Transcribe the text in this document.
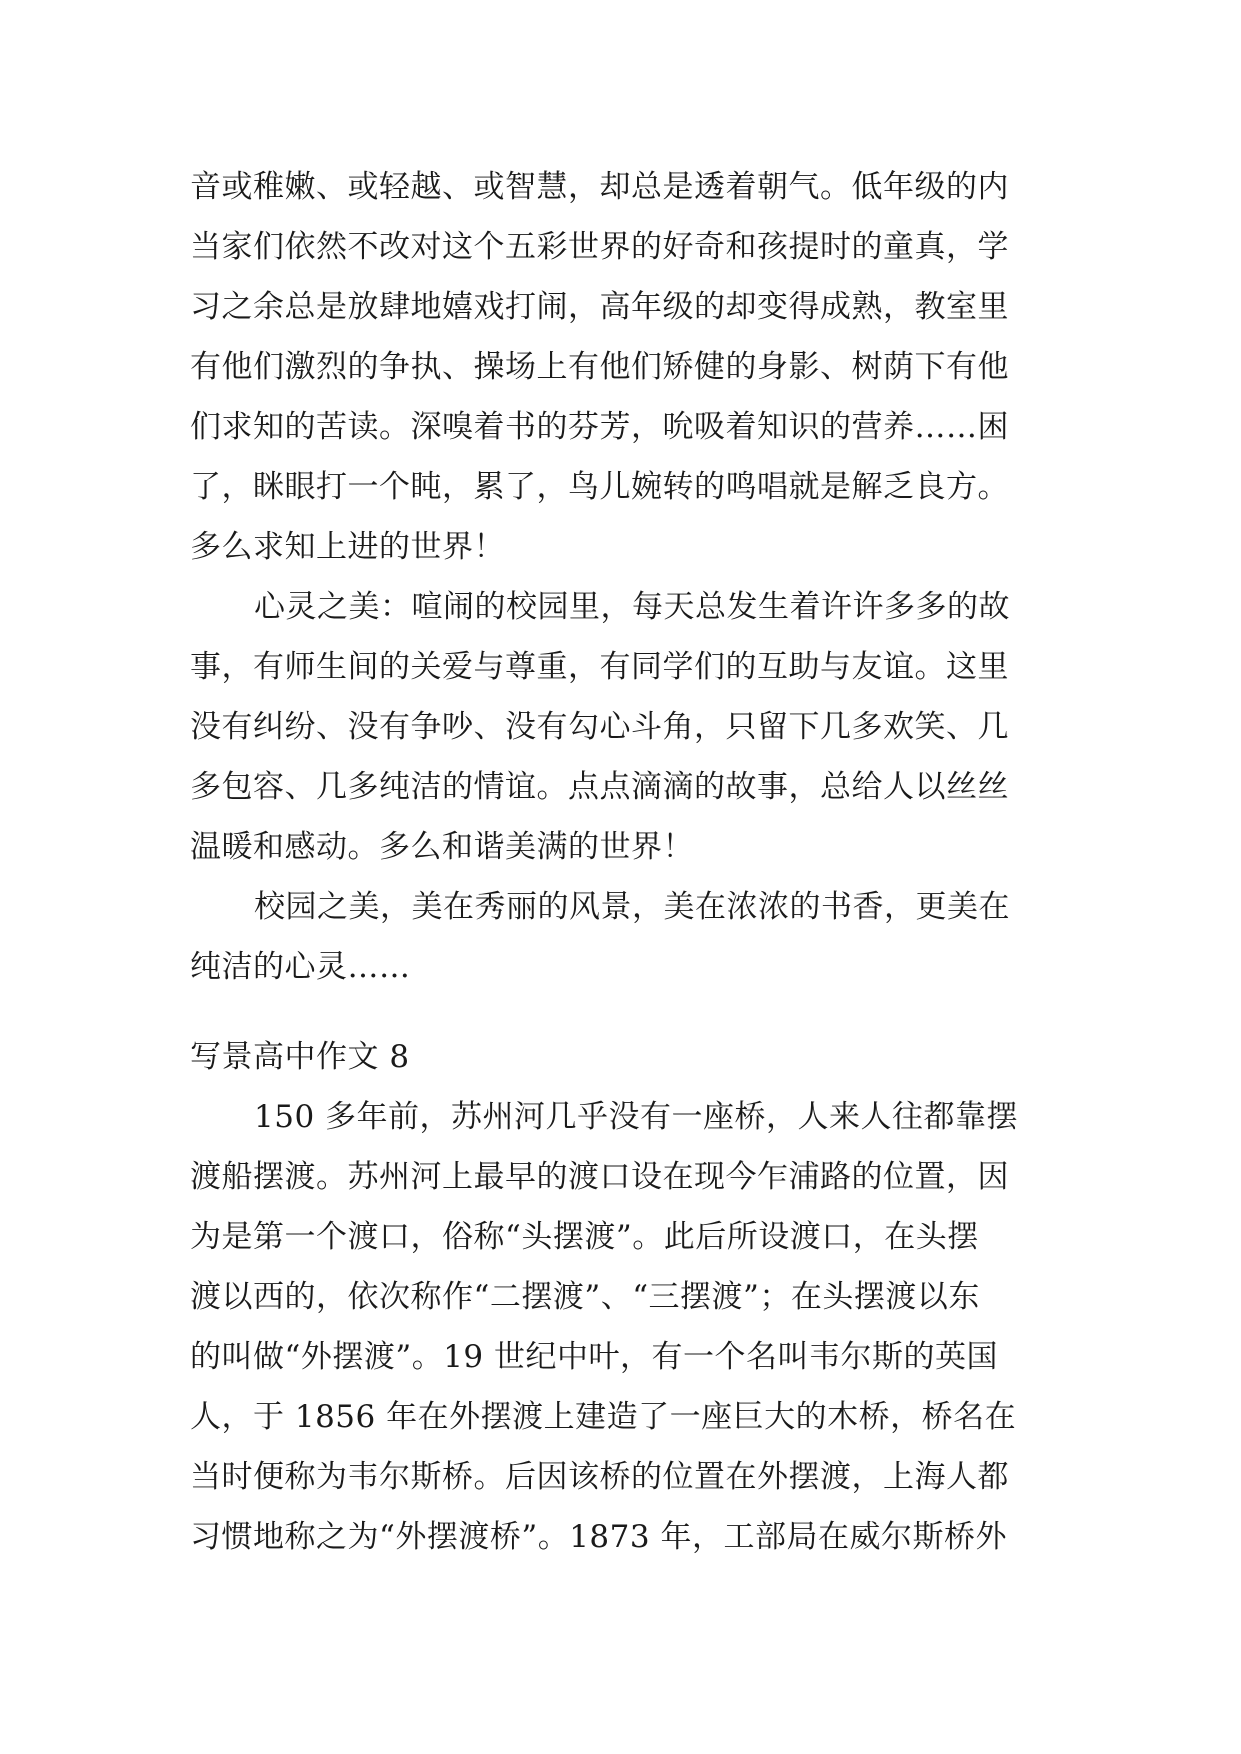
音或稚嫩、或轻越、或智慧，却总是透着朝气。低年级的内
当家们依然不改对这个五彩世界的好奇和孩提时的童真，学
习之余总是放肆地嬉戏打闹，高年级的却变得成熟，教室里
有他们激烈的争执、操场上有他们矫健的身影、树荫下有他
们求知的苦读。深嗅着书的芬芳，吮吸着知识的营养……困
了，眯眼打一个盹，累了，鸟儿婉转的鸣唱就是解乏良方。
多么求知上进的世界！
心灵之美：喧闹的校园里，每天总发生着许许多多的故
事，有师生间的关爱与尊重，有同学们的互助与友谊。这里
没有纠纷、没有争吵、没有勾心斗角，只留下几多欢笑、几
多包容、几多纯洁的情谊。点点滴滴的故事，总给人以丝丝
温暖和感动。多么和谐美满的世界！
校园之美，美在秀丽的风景，美在浓浓的书香，更美在
纯洁的心灵……
写景高中作文 8
150 多年前，苏州河几乎没有一座桥，人来人往都靠摆
渡船摆渡。苏州河上最早的渡口设在现今乍浦路的位置，因
为是第一个渡口，俗称“头摆渡”。此后所设渡口，在头摆
渡以西的，依次称作“二摆渡”、“三摆渡”；在头摆渡以东
的叫做“外摆渡”。19 世纪中叶，有一个名叫韦尔斯的英国
人，于 1856 年在外摆渡上建造了一座巨大的木桥，桥名在
当时便称为韦尔斯桥。后因该桥的位置在外摆渡，上海人都
习惯地称之为“外摆渡桥”。1873 年，工部局在威尔斯桥外
